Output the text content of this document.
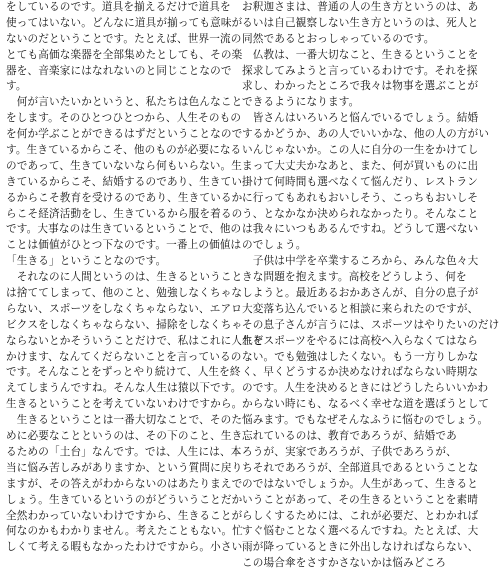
をしているのです。道具を揃えるだけで道具を
使ってはいない。どんなに道具が揃っても意味が
ないのだということです。たとえば、世界一流の
とても高価な楽器を全部集めたとしても、その楽
器を、音楽家にはなれないのと同じことなので
す。
　何が言いたいかというと、私たちは色んなこと
をします。そのひとつひとつから、人生そのもの
を何か学ぶことができるはずだということなので
す。生きているからこそ、他のものが必要になる
のであって、生きていないなら何もいらない。生
きているからこそ、結婚するのであり、生きてい
るからこそ教育を受けるのであり、生きているか
らこそ経済活動をし、生きているから服を着るの
です。大事なのは生きているということで、他の
ことは価値がひとつ下なのです。一番上の価値は
「生きる」ということなのです。
　それなのに人間というのは、生きるということ
は捨ててしまって、他のこと、勉強しなくちゃな
らない、スポーツをしなくちゃならない、エアロ
ビクスをしなくちゃならない、掃除をしなくちゃ
ならないとかそういうことだけで、私はこれに人生を
かけます、なんてくだらないことを言っているの
です。そんなことをずっとやり続けて、人生を終
えてしまうんですね。そんな人生は猿以下です。
生きるということを考えていないわけですから。
　生きるということは一番大切なことで、そのた
めに必要なことというのは、その下のこと、生き
るための「土台」なんです。では、人生には、本
当に悩み苦しみがありますか、という質問に戻り
ますが、その答えがわからないのはあたりまえで
しょう。生きているというのがどういうことだか
全然わかっていないわけですから、生きることが
何なのかもわかりません。考えたこともない。忙
しくて考える暇もなかったわけですから。小さい
お釈迦さまは、普通の人の生き方というのは、あ
るいは自己観察しない生き方というのは、死人と
同然であるとおっしゃっているのです。
　仏教は、一番大切なこと、生きるということを
探求してみようと言っているわけです。それを探
求し、わかったところで我々は物事を選ぶことが
できるようになります。
　皆さんはいろいろと悩んでいるでしょう。結婚
するかどうか、あの人でいいかな、他の人の方がい
いんじゃないか。この人に自分の一生をかけてし
まって大丈夫かなあと、また、何が買いものに出
掛けて何時間も選べなくて悩んだり、レストラン
に行ってもあれもおいしそう、こっちもおいしそ
う、となかなか決められなかったり。そんなこと
は我々にいつもあるんですね。どうして選べない
のでしょう。
　子供は中学を卒業するころから、みんな色々大
きな問題を抱えます。高校をどうしよう、何を
しようと。最近あるおかあさんが、自分の息子が
大変落ち込んでいると相談に来られたのですが、
その息子さんが言うには、スポーツはやりたいのだけ
れどスポーツをやるには高校へ入らなくてはなら
ない。でも勉強はしたくない。もう一方りしかな
く、早くどうするか決めなければならない時期な
のです。人生を決めるときにはどうしたらいいかわ
からない時にも、なるべく幸せな道を選ぼうとして
悩みます。でもなぜそんなふうに悩むのでしょう。
忘れているのは、教育であろうが、結婚であ
ろうが、実家であろうが、子供であろうが、
ちそれであろうが、全部道具であるということな
のではないでしょうか。人生があって、生きると
いうことがあって、その生きるということを素晴
らしくするためには、これが必要だ、とわかれば
すぐ悩むことなく選べるんですね。たとえば、大
雨が降っているときに外出しなければならない、
この場合傘をさすかさないかは悩みどころ
